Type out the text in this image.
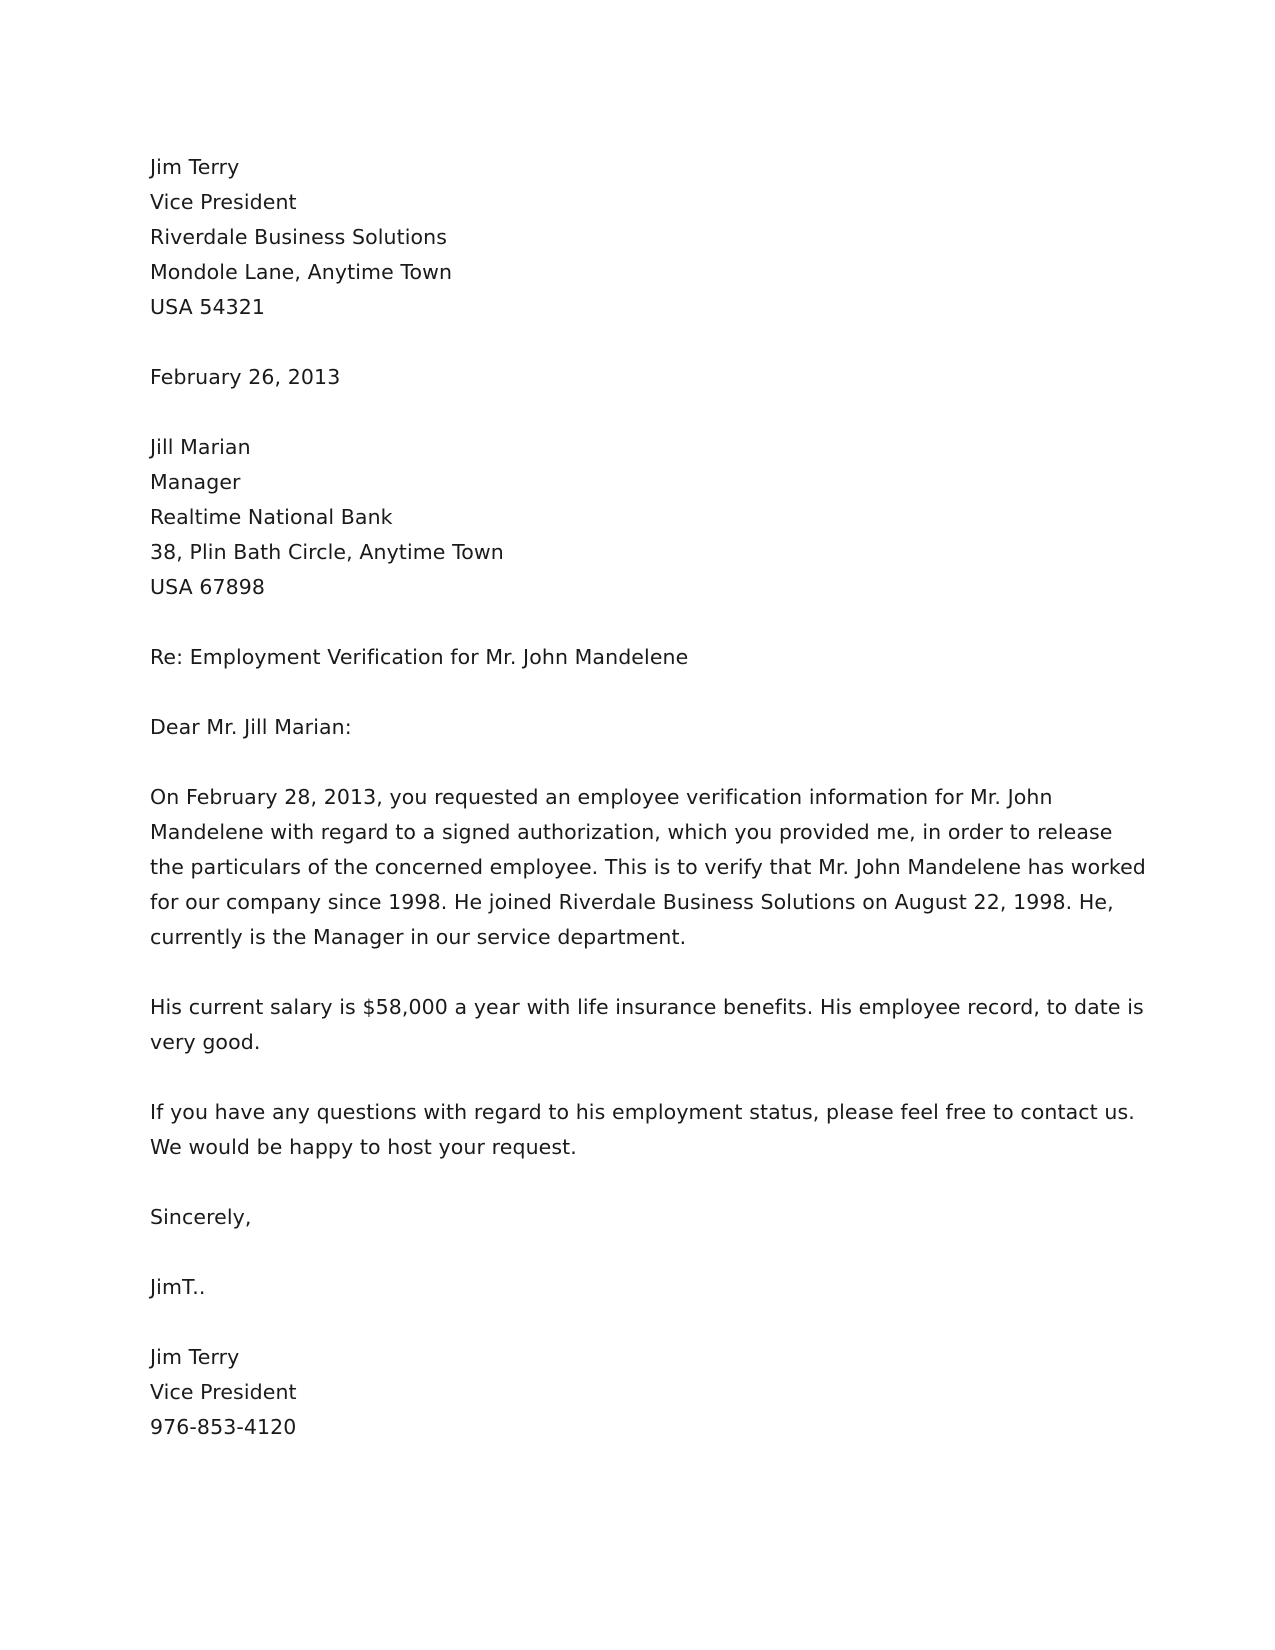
Jim Terry
Vice President
Riverdale Business Solutions
Mondole Lane, Anytime Town
USA 54321
February 26, 2013
Jill Marian
Manager
Realtime National Bank
38, Plin Bath Circle, Anytime Town
USA 67898
Re: Employment Verification for Mr. John Mandelene
Dear Mr. Jill Marian:
On February 28, 2013, you requested an employee verification information for Mr. John
Mandelene with regard to a signed authorization, which you provided me, in order to release
the particulars of the concerned employee. This is to verify that Mr. John Mandelene has worked
for our company since 1998. He joined Riverdale Business Solutions on August 22, 1998. He,
currently is the Manager in our service department.
His current salary is $58,000 a year with life insurance benefits. His employee record, to date is
very good.
If you have any questions with regard to his employment status, please feel free to contact us.
We would be happy to host your request.
Sincerely,
JimT..
Jim Terry
Vice President
976-853-4120
